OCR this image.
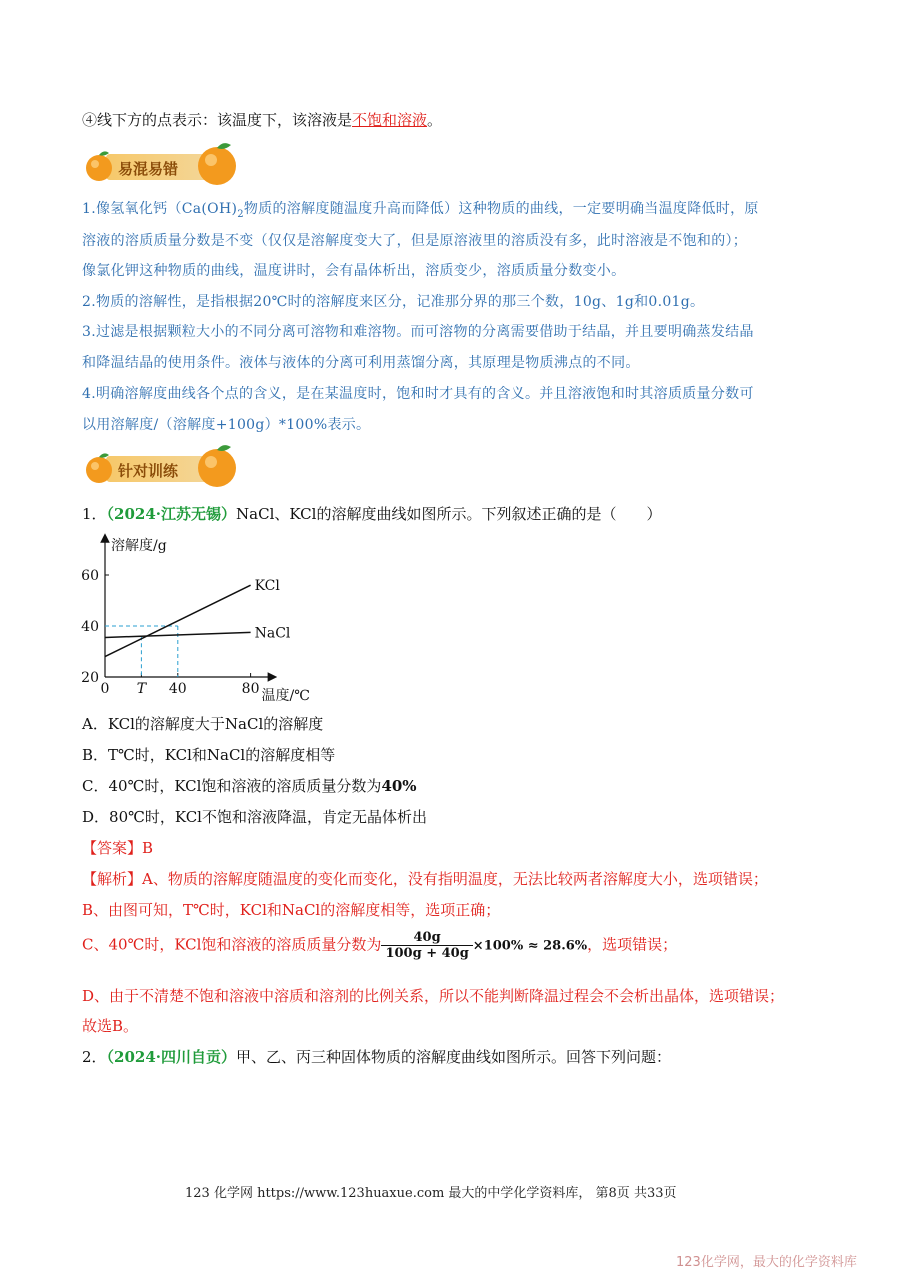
④线下方的点表示：该温度下，该溶液是不饱和溶液。
易混易错
1.像氢氧化钙（$Ca(OH)_2$物质的溶解度随温度升高而降低）这种物质的曲线，一定要明确当温度降低时，原
溶液的溶质质量分数是不变（仅仅是溶解度变大了，但是原溶液里的溶质没有多，此时溶液是不饱和的）；
像氯化钾这种物质的曲线，温度讲时，会有晶体析出，溶质变少，溶质质量分数变小。
2.物质的溶解性，是指根据20℃时的溶解度来区分，记准那分界的那三个数，10g、1g和0.01g。
3.过滤是根据颗粒大小的不同分离可溶物和难溶物。而可溶物的分离需要借助于结晶，并且要明确蒸发结晶
和降温结晶的使用条件。液体与液体的分离可利用蒸馏分离，其原理是物质沸点的不同。
4.明确溶解度曲线各个点的含义，是在某温度时，饱和时才具有的含义。并且溶液饱和时其溶质质量分数可
以用溶解度/（溶解度+100g）*100%表示。
针对训练
1．（2024·江苏无锡）NaCl、KCl的溶解度曲线如图所示。下列叙述正确的是（　　）
溶解度/g
温度/℃
20
40
60
0 T 40	80
KCl
NaCl
A．KCl的溶解度大于NaCl的溶解度
B．T℃时，KCl和NaCl的溶解度相等
C．40℃时，KCl饱和溶液的溶质质量分数为40%
D．80℃时，KCl不饱和溶液降温，肯定无晶体析出
【答案】B
【解析】A、物质的溶解度随温度的变化而变化，没有指明温度，无法比较两者溶解度大小，选项错误；
B、由图可知，T℃时，KCl和NaCl的溶解度相等，选项正确；
C、40℃时，KCl饱和溶液的溶质质量分数为 $\frac{40g}{100g + 40g} \times 100\% \approx 28.6\%$，选项错误；
D、由于不清楚不饱和溶液中溶质和溶剂的比例关系，所以不能判断降温过程会不会析出晶体，选项错误；
故选B。
2．（2024·四川自贡）甲、乙、丙三种固体物质的溶解度曲线如图所示。回答下列问题：
123 化学网 https://www.123huaxue.com 最大的中学化学资料库， 第8页 共33页
123化学网，最大的化学资料库
